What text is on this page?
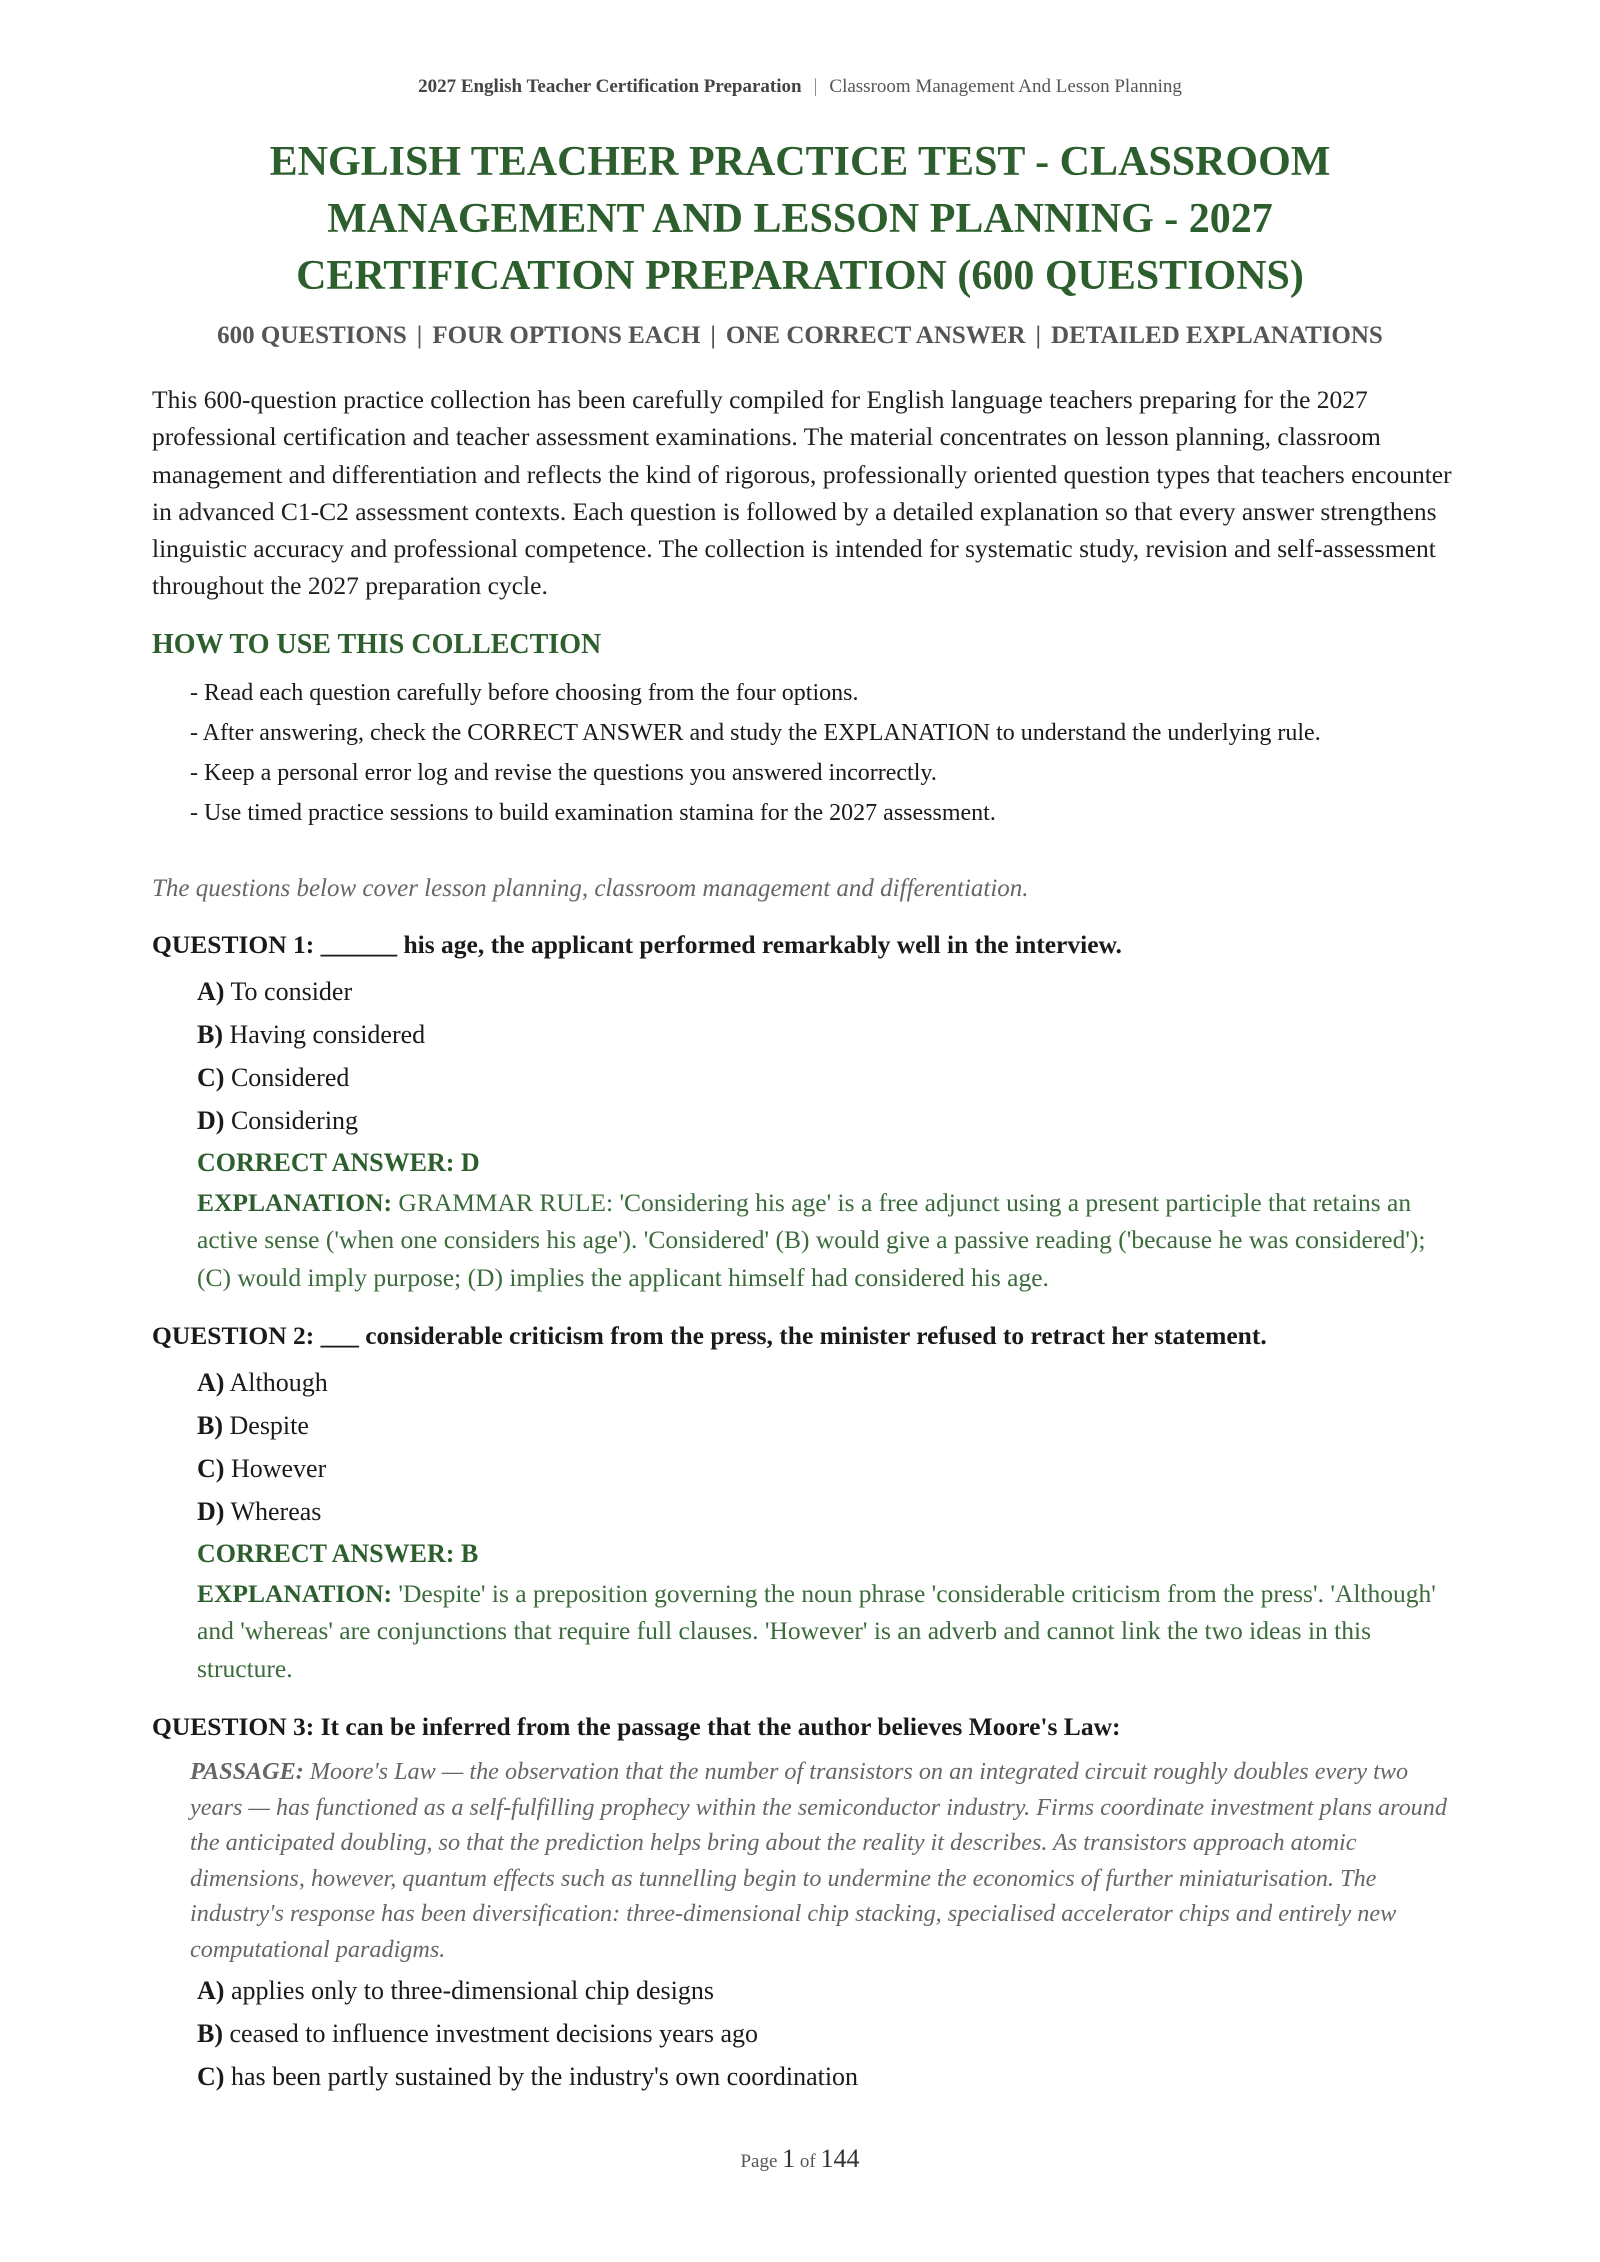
2027 English Teacher Certification Preparation | Classroom Management And Lesson Planning
ENGLISH TEACHER PRACTICE TEST - CLASSROOM
MANAGEMENT AND LESSON PLANNING - 2027
CERTIFICATION PREPARATION (600 QUESTIONS)
600 QUESTIONS | FOUR OPTIONS EACH | ONE CORRECT ANSWER | DETAILED EXPLANATIONS

This 600-question practice collection has been carefully compiled for English language teachers preparing for the 2027 professional certification and teacher assessment examinations. The material concentrates on lesson planning, classroom management and differentiation and reflects the kind of rigorous, professionally oriented question types that teachers encounter in advanced C1-C2 assessment contexts. Each question is followed by a detailed explanation so that every answer strengthens linguistic accuracy and professional competence. The collection is intended for systematic study, revision and self-assessment throughout the 2027 preparation cycle.

HOW TO USE THIS COLLECTION
- Read each question carefully before choosing from the four options.
- After answering, check the CORRECT ANSWER and study the EXPLANATION to understand the underlying rule.
- Keep a personal error log and revise the questions you answered incorrectly.
- Use timed practice sessions to build examination stamina for the 2027 assessment.
The questions below cover lesson planning, classroom management and differentiation.
QUESTION 1: ______ his age, the applicant performed remarkably well in the interview.
A) To consider
B) Having considered
C) Considered
D) Considering
CORRECT ANSWER: D
EXPLANATION: GRAMMAR RULE: 'Considering his age' is a free adjunct using a present participle that retains an active sense ('when one considers his age'). 'Considered' (B) would give a passive reading ('because he was considered'); (C) would imply purpose; (D) implies the applicant himself had considered his age.
QUESTION 2: ___ considerable criticism from the press, the minister refused to retract her statement.
A) Although
B) Despite
C) However
D) Whereas
CORRECT ANSWER: B
EXPLANATION: 'Despite' is a preposition governing the noun phrase 'considerable criticism from the press'. 'Although' and 'whereas' are conjunctions that require full clauses. 'However' is an adverb and cannot link the two ideas in this structure.
QUESTION 3: It can be inferred from the passage that the author believes Moore's Law:
PASSAGE: Moore's Law — the observation that the number of transistors on an integrated circuit roughly doubles every two years — has functioned as a self-fulfilling prophecy within the semiconductor industry. Firms coordinate investment plans around the anticipated doubling, so that the prediction helps bring about the reality it describes. As transistors approach atomic dimensions, however, quantum effects such as tunnelling begin to undermine the economics of further miniaturisation. The industry's response has been diversification: three-dimensional chip stacking, specialised accelerator chips and entirely new computational paradigms.
A) applies only to three-dimensional chip designs
B) ceased to influence investment decisions years ago
C) has been partly sustained by the industry's own coordination
Page 1 of 144
